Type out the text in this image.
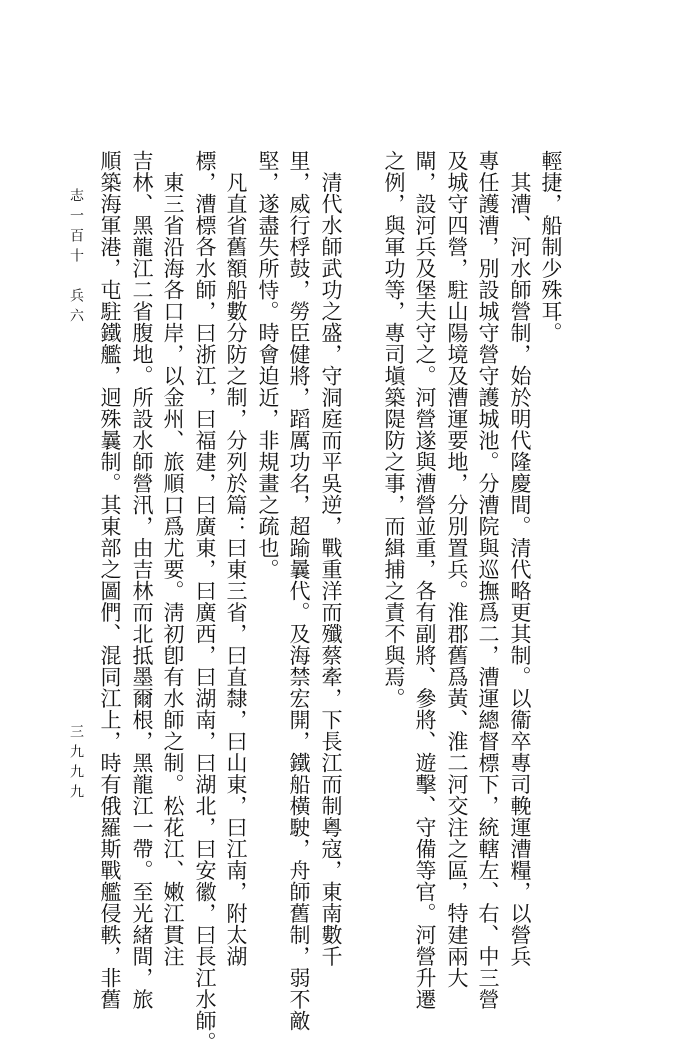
輕捷，船制少殊耳。
　其漕、河水師營制，始於明代隆慶間。清代略更其制。以衞卒專司輓運漕糧，以營兵
專任護漕，別設城守營守護城池。分漕院與巡撫爲二，漕運總督標下，統轄左、右、中三營
及城守四營，駐山陽境及漕運要地，分別置兵。淮郡舊爲黃、淮二河交注之區，特建兩大
閘，設河兵及堡夫守之。河營遂與漕營並重，各有副將、參將、遊擊、守備等官。河營升遷
之例，與軍功等，專司塡築隄防之事，而緝捕之責不與焉。
　清代水師武功之盛，守洞庭而平吳逆，戰重洋而殲蔡牽，下長江而制粵寇，東南數千
里，威行桴鼓，勞臣健將，蹈厲功名，超踰曩代。及海禁宏開，鐵船橫駛，舟師舊制，弱不敵
堅，遂盡失所恃。時會迫近，非規畫之疏也。
　凡直省舊額船數分防之制，分列於篇：曰東三省，曰直隸，曰山東，曰江南，附太湖
標，漕標各水師，曰浙江，曰福建，曰廣東，曰廣西，曰湖南，曰湖北，曰安徽，曰長江水師。
　東三省沿海各口岸，以金州、旅順口爲尤要。淸初卽有水師之制。松花江、嫩江貫注
吉林、黑龍江二省腹地。所設水師營汛，由吉林而北抵墨爾根，黑龍江一帶。至光緒間，旅
順築海軍港，屯駐鐵艦，迥殊曩制。其東部之圖們、混同江上，時有俄羅斯戰艦侵軼，非舊
志一百十　兵六
三九九九
